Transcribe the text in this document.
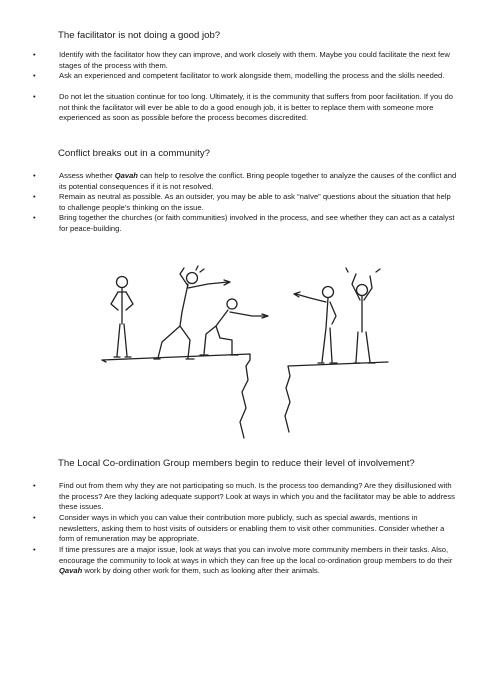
The facilitator is not doing a good job?
•	Identify with the facilitator how they can improve, and work closely with them. Maybe you could facilitate the next few stages of the process with them.
•	Ask an experienced and competent facilitator to work alongside them, modelling the process and the skills needed.
•	Do not let the situation continue for too long. Ultimately, it is the community that suffers from poor facilitation. If you do not think the facilitator will ever be able to do a good enough job, it is better to replace them with someone more experienced as soon as possible before the process becomes discredited.
Conflict breaks out in a community?
•	Assess whether Qavah can help to resolve the conflict. Bring people together to analyze the causes of the conflict and its potential consequences if it is not resolved.
•	Remain as neutral as possible. As an outsider, you may be able to ask “naïve” questions about the situation that help to challenge people’s thinking on the issue.
•	Bring together the churches (or faith communities) involved in the process, and see whether they can act as a catalyst for peace-building.
The Local Co-ordination Group members begin to reduce their level of involvement?
•	Find out from them why they are not participating so much. Is the process too demanding? Are they disillusioned with the process? Are they lacking adequate support? Look at ways in which you and the facilitator may be able to address these issues.
•	Consider ways in which you can value their contribution more publicly, such as special awards, mentions in newsletters, asking them to host visits of outsiders or enabling them to visit other communities. Consider whether a form of remuneration may be appropriate.
•	If time pressures are a major issue, look at ways that you can involve more community members in their tasks. Also, encourage the community to look at ways in which they can free up the local co-ordination group members to do their Qavah work by doing other work for them, such as looking after their animals.
